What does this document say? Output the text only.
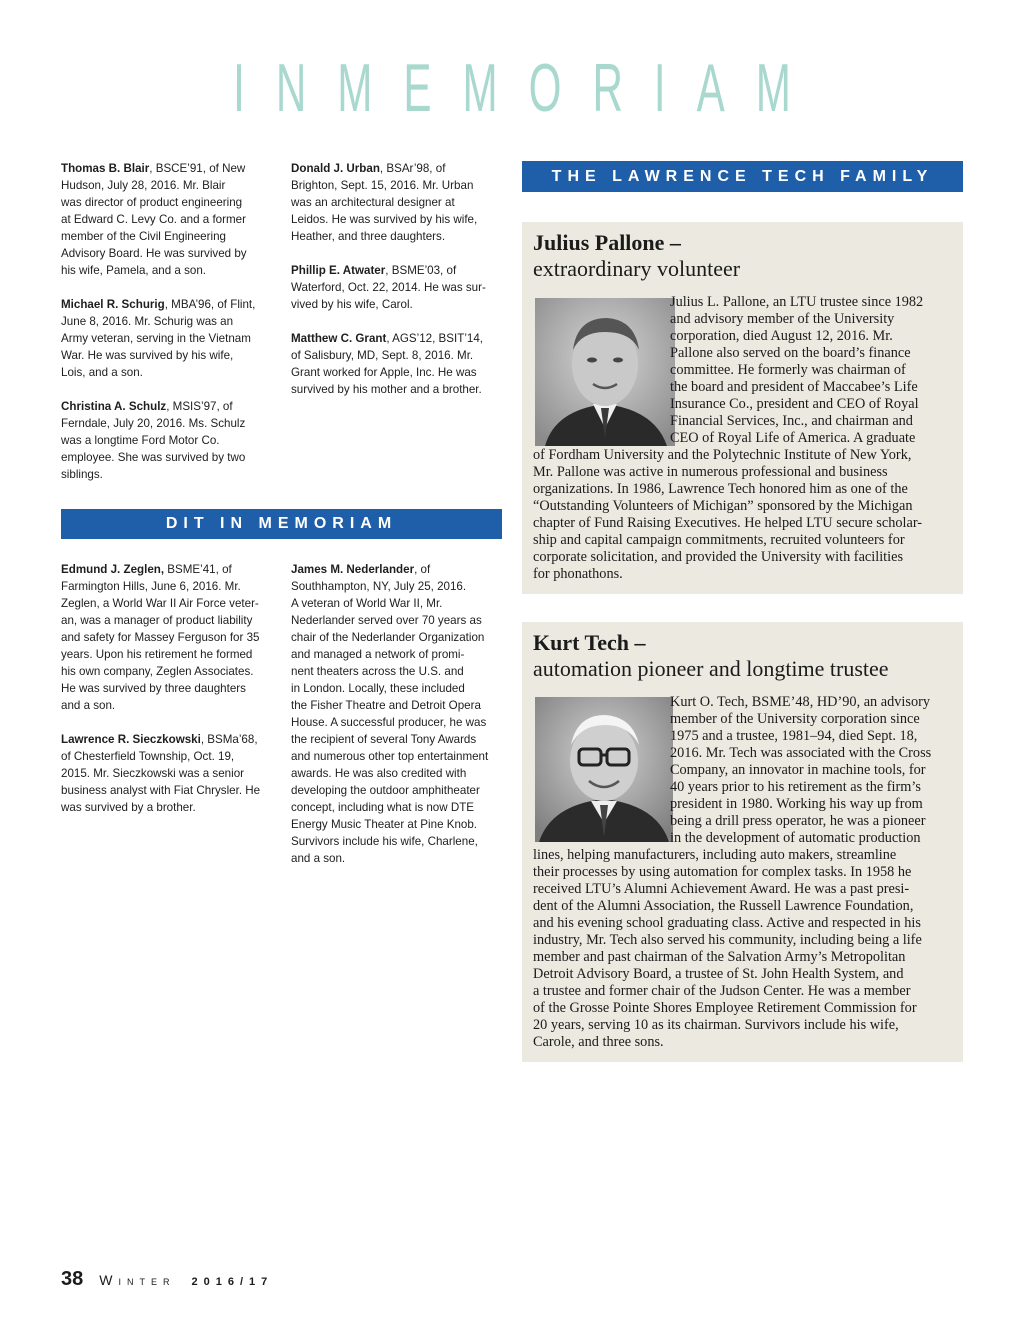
I N M E M O R I A M
Thomas B. Blair, BSCE’91, of New
Hudson, July 28, 2016. Mr. Blair
was director of product engineering
at Edward C. Levy Co. and a former
member of the Civil Engineering
Advisory Board. He was survived by
his wife, Pamela, and a son.
Michael R. Schurig, MBA’96, of Flint,
June 8, 2016. Mr. Schurig was an
Army veteran, serving in the Vietnam
War. He was survived by his wife,
Lois, and a son.
Christina A. Schulz, MSIS’97, of
Ferndale, July 20, 2016. Ms. Schulz
was a longtime Ford Motor Co.
employee. She was survived by two
siblings.
Donald J. Urban, BSAr’98, of
Brighton, Sept. 15, 2016. Mr. Urban
was an architectural designer at
Leidos. He was survived by his wife,
Heather, and three daughters.
Phillip E. Atwater, BSME’03, of
Waterford, Oct. 22, 2014. He was sur-
vived by his wife, Carol.
Matthew C. Grant, AGS’12, BSIT’14,
of Salisbury, MD, Sept. 8, 2016. Mr.
Grant worked for Apple, Inc. He was
survived by his mother and a brother.
DIT IN MEMORIAM
Edmund J. Zeglen, BSME’41, of
Farmington Hills, June 6, 2016. Mr.
Zeglen, a World War II Air Force veter-
an, was a manager of product liability
and safety for Massey Ferguson for 35
years. Upon his retirement he formed
his own company, Zeglen Associates.
He was survived by three daughters
and a son.
Lawrence R. Sieczkowski, BSMa’68,
of Chesterfield Township, Oct. 19,
2015. Mr. Sieczkowski was a senior
business analyst with Fiat Chrysler. He
was survived by a brother.
James M. Nederlander, of
Southhampton, NY, July 25, 2016.
A veteran of World War II, Mr.
Nederlander served over 70 years as
chair of the Nederlander Organization
and managed a network of promi-
nent theaters across the U.S. and
in London. Locally, these included
the Fisher Theatre and Detroit Opera
House. A successful producer, he was
the recipient of several Tony Awards
and numerous other top entertainment
awards. He was also credited with
developing the outdoor amphitheater
concept, including what is now DTE
Energy Music Theater at Pine Knob.
Survivors include his wife, Charlene,
and a son.
THE LAWRENCE TECH FAMILY
Julius Pallone –
extraordinary volunteer
Julius L. Pallone, an LTU trustee since 1982
and advisory member of the University
corporation, died August 12, 2016. Mr.
Pallone also served on the board’s finance
committee. He formerly was chairman of
the board and president of Maccabee’s Life
Insurance Co., president and CEO of Royal
Financial Services, Inc., and chairman and
CEO of Royal Life of America. A graduate
of Fordham University and the Polytechnic Institute of New York,
Mr. Pallone was active in numerous professional and business
organizations. In 1986, Lawrence Tech honored him as one of the
“Outstanding Volunteers of Michigan” sponsored by the Michigan
chapter of Fund Raising Executives. He helped LTU secure scholar-
ship and capital campaign commitments, recruited volunteers for
corporate solicitation, and provided the University with facilities
for phonathons.
Kurt Tech –
automation pioneer and longtime trustee
Kurt O. Tech, BSME’48, HD’90, an advisory
member of the University corporation since
1975 and a trustee, 1981–94, died Sept. 18,
2016. Mr. Tech was associated with the Cross
Company, an innovator in machine tools, for
40 years prior to his retirement as the firm’s
president in 1980. Working his way up from
being a drill press operator, he was a pioneer
in the development of automatic production
lines, helping manufacturers, including auto makers, streamline
their processes by using automation for complex tasks. In 1958 he
received LTU’s Alumni Achievement Award. He was a past presi-
dent of the Alumni Association, the Russell Lawrence Foundation,
and his evening school graduating class. Active and respected in his
industry, Mr. Tech also served his community, including being a life
member and past chairman of the Salvation Army’s Metropolitan
Detroit Advisory Board, a trustee of St. John Health System, and
a trustee and former chair of the Judson Center. He was a member
of the Grosse Pointe Shores Employee Retirement Commission for
20 years, serving 10 as its chairman. Survivors include his wife,
Carole, and three sons.
38 WINTER 2016/17
